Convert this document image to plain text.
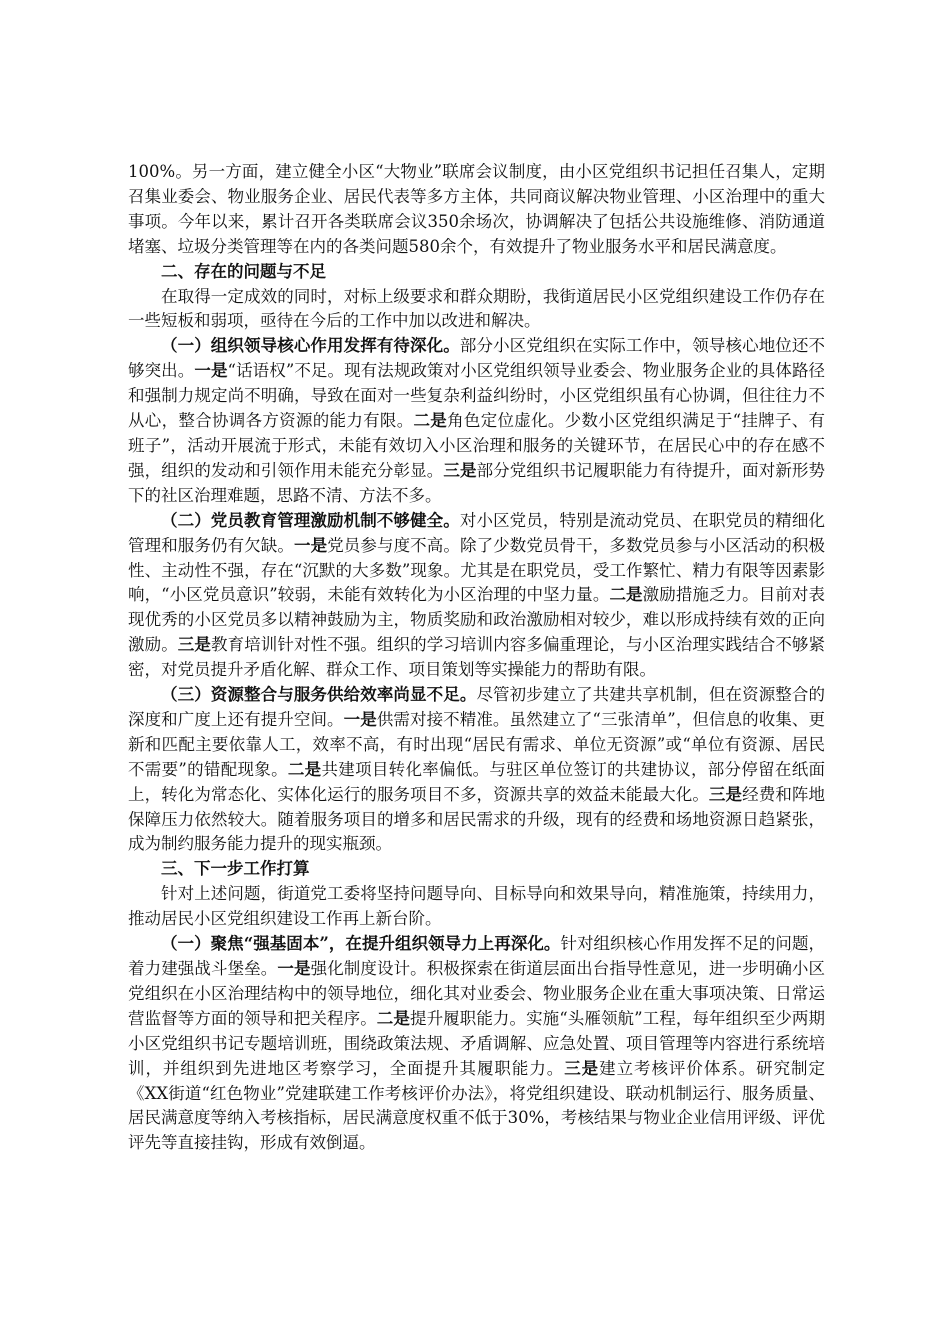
100%。另一方面，建立健全小区“大物业”联席会议制度，由小区党组织书记担任召集人，定期召集业委会、物业服务企业、居民代表等多方主体，共同商议解决物业管理、小区治理中的重大事项。今年以来，累计召开各类联席会议350余场次，协调解决了包括公共设施维修、消防通道堵塞、垃圾分类管理等在内的各类问题580余个，有效提升了物业服务水平和居民满意度。

二、存在的问题与不足

在取得一定成效的同时，对标上级要求和群众期盼，我街道居民小区党组织建设工作仍存在一些短板和弱项，亟待在今后的工作中加以改进和解决。

（一）组织领导核心作用发挥有待深化。部分小区党组织在实际工作中，领导核心地位还不够突出。一是“话语权”不足。现有法规政策对小区党组织领导业委会、物业服务企业的具体路径和强制力规定尚不明确，导致在面对一些复杂利益纠纷时，小区党组织虽有心协调，但往往力不从心，整合协调各方资源的能力有限。二是角色定位虚化。少数小区党组织满足于“挂牌子、有班子”，活动开展流于形式，未能有效切入小区治理和服务的关键环节，在居民心中的存在感不强，组织的发动和引领作用未能充分彰显。三是部分党组织书记履职能力有待提升，面对新形势下的社区治理难题，思路不清、方法不多。

（二）党员教育管理激励机制不够健全。对小区党员，特别是流动党员、在职党员的精细化管理和服务仍有欠缺。一是党员参与度不高。除了少数党员骨干，多数党员参与小区活动的积极性、主动性不强，存在“沉默的大多数”现象。尤其是在职党员，受工作繁忙、精力有限等因素影响，“小区党员意识”较弱，未能有效转化为小区治理的中坚力量。二是激励措施乏力。目前对表现优秀的小区党员多以精神鼓励为主，物质奖励和政治激励相对较少，难以形成持续有效的正向激励。三是教育培训针对性不强。组织的学习培训内容多偏重理论，与小区治理实践结合不够紧密，对党员提升矛盾化解、群众工作、项目策划等实操能力的帮助有限。

（三）资源整合与服务供给效率尚显不足。尽管初步建立了共建共享机制，但在资源整合的深度和广度上还有提升空间。一是供需对接不精准。虽然建立了“三张清单”，但信息的收集、更新和匹配主要依靠人工，效率不高，有时出现“居民有需求、单位无资源”或“单位有资源、居民不需要”的错配现象。二是共建项目转化率偏低。与驻区单位签订的共建协议，部分停留在纸面上，转化为常态化、实体化运行的服务项目不多，资源共享的效益未能最大化。三是经费和阵地保障压力依然较大。随着服务项目的增多和居民需求的升级，现有的经费和场地资源日趋紧张，成为制约服务能力提升的现实瓶颈。

三、下一步工作打算

针对上述问题，街道党工委将坚持问题导向、目标导向和效果导向，精准施策，持续用力，推动居民小区党组织建设工作再上新台阶。

（一）聚焦“强基固本”，在提升组织领导力上再深化。针对组织核心作用发挥不足的问题，着力建强战斗堡垒。一是强化制度设计。积极探索在街道层面出台指导性意见，进一步明确小区党组织在小区治理结构中的领导地位，细化其对业委会、物业服务企业在重大事项决策、日常运营监督等方面的领导和把关程序。二是提升履职能力。实施“头雁领航”工程，每年组织至少两期小区党组织书记专题培训班，围绕政策法规、矛盾调解、应急处置、项目管理等内容进行系统培训，并组织到先进地区考察学习，全面提升其履职能力。三是建立考核评价体系。研究制定《XX街道“红色物业”党建联建工作考核评价办法》，将党组织建设、联动机制运行、服务质量、居民满意度等纳入考核指标，居民满意度权重不低于30%，考核结果与物业企业信用评级、评优评先等直接挂钩，形成有效倒逼。
